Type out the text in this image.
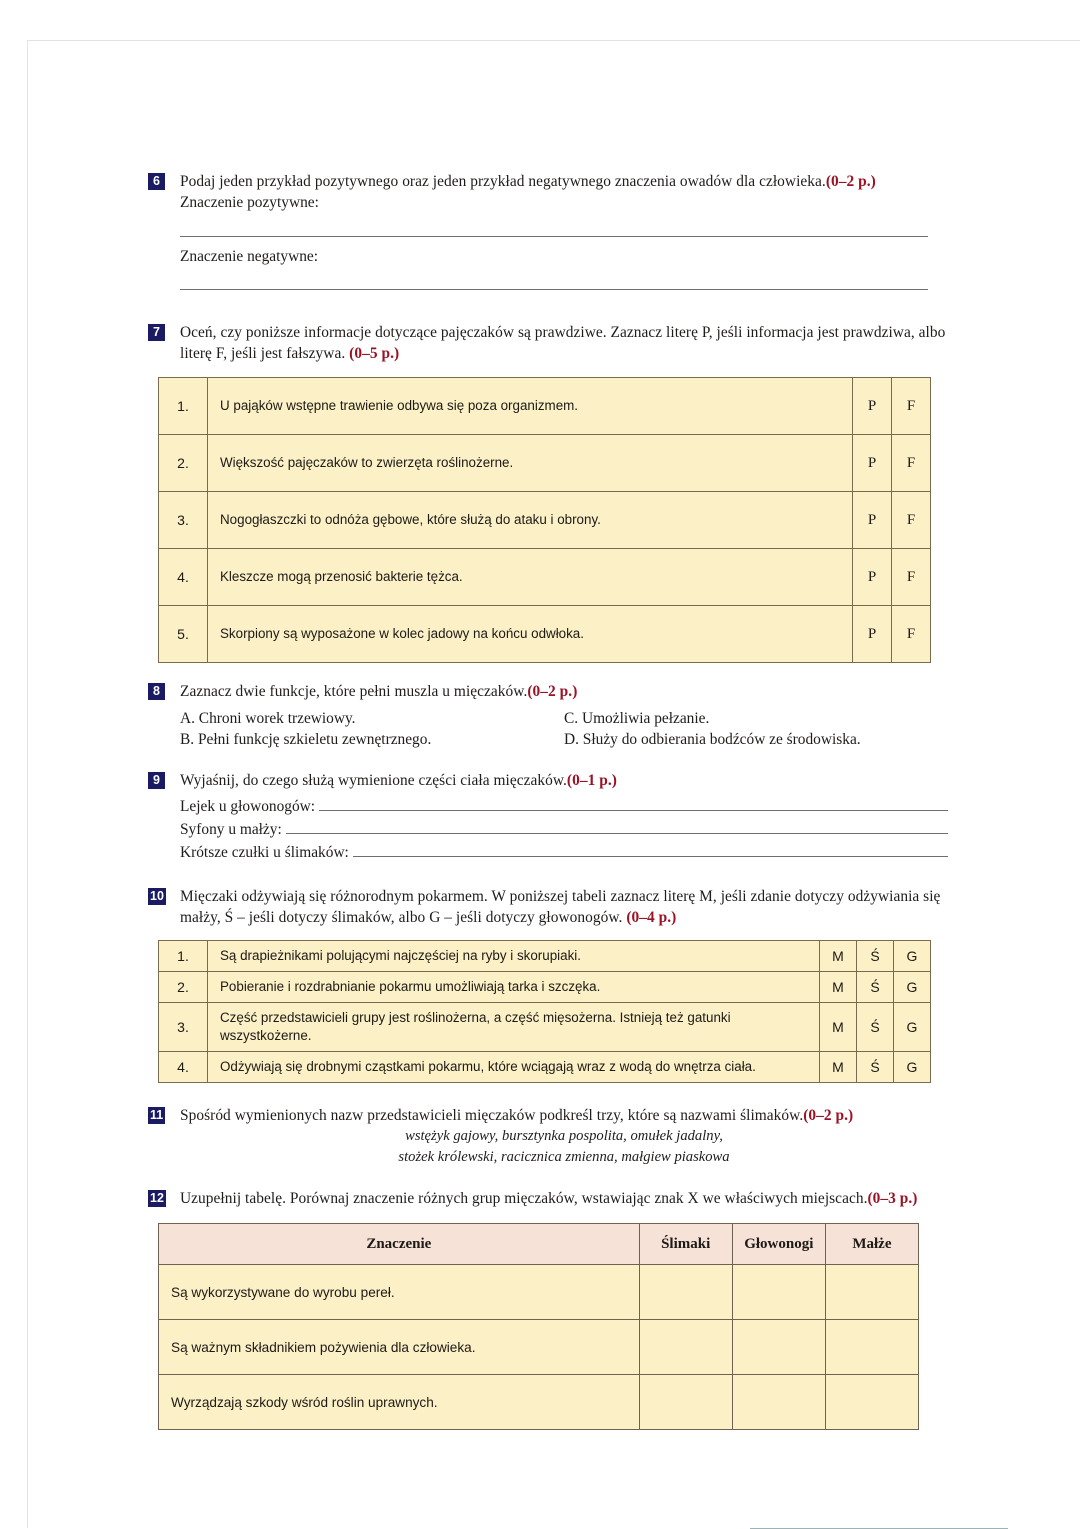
6	Podaj jeden przykład pozytywnego oraz jeden przykład negatywnego znaczenia owadów dla człowieka.(0–2 p.)
Znaczenie pozytywne:
Znaczenie negatywne:
7	Oceń, czy poniższe informacje dotyczące pajęczaków są prawdziwe. Zaznacz literę P, jeśli informacja jest prawdziwa, albo literę F, jeśli jest fałszywa. (0–5 p.)
1.	U pająków wstępne trawienie odbywa się poza organizmem.	P	F
2.	Większość pajęczaków to zwierzęta roślinożerne.	P	F
3.	Nogogłaszczki to odnóża gębowe, które służą do ataku i obrony.	P	F
4.	Kleszcze mogą przenosić bakterie tężca.	P	F
5.	Skorpiony są wyposażone w kolec jadowy na końcu odwłoka.	P	F
8	Zaznacz dwie funkcje, które pełni muszla u mięczaków.(0–2 p.)
A. Chroni worek trzewiowy.
B. Pełni funkcję szkieletu zewnętrznego.
C. Umożliwia pełzanie.
D. Służy do odbierania bodźców ze środowiska.
9	Wyjaśnij, do czego służą wymienione części ciała mięczaków.(0–1 p.)
Lejek u głowonogów:
Syfony u małży:
Krótsze czułki u ślimaków:
10 Mięczaki odżywiają się różnorodnym pokarmem. W poniższej tabeli zaznacz literę M, jeśli zdanie dotyczy odżywiania się małży, Ś – jeśli dotyczy ślimaków, albo G – jeśli dotyczy głowonogów. (0–4 p.)
1.	Są drapieżnikami polującymi najczęściej na ryby i skorupiaki.	M	Ś	G
2.	Pobieranie i rozdrabnianie pokarmu umożliwiają tarka i szczęka.	M	Ś	G
3.	Część przedstawicieli grupy jest roślinożerna, a część mięsożerna. Istnieją też gatunki wszystkożerne.	M	Ś	G
4.	Odżywiają się drobnymi cząstkami pokarmu, które wciągają wraz z wodą do wnętrza ciała.	M	Ś	G
11 Spośród wymienionych nazw przedstawicieli mięczaków podkreśl trzy, które są nazwami ślimaków.(0–2 p.)
wstężyk gajowy, bursztynka pospolita, omułek jadalny,
stożek królewski, racicznica zmienna, małgiew piaskowa
12 Uzupełnij tabelę. Porównaj znaczenie różnych grup mięczaków, wstawiając znak X we właściwych miejscach.(0–3 p.)
Znaczenie	Ślimaki	Głowonogi	Małże
Są wykorzystywane do wyrobu pereł.			
Są ważnym składnikiem pożywienia dla człowieka.			
Wyrządzają szkody wśród roślin uprawnych.			
